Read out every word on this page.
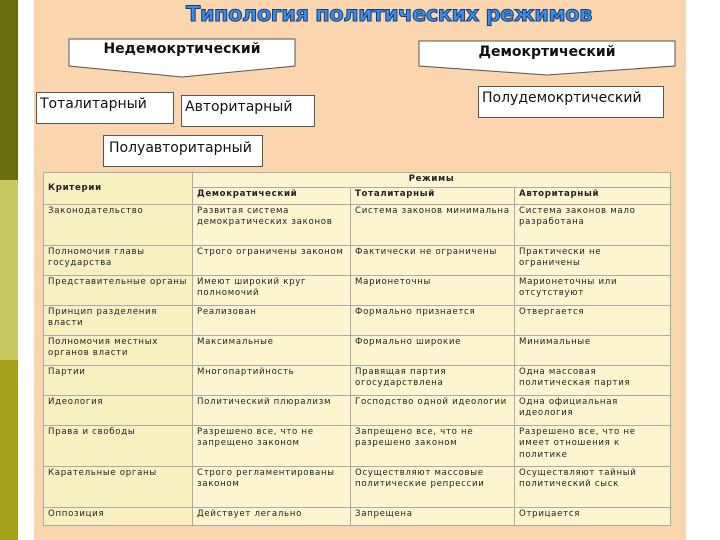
Типология политических режимов
Недемокртический	Демокртический
Тоталитарный	Авторитарный
Полудемокртический
Полуавторитарный
Критерии	Режимы		
	Демократический	Тоталитарный	Авторитарный
Законодательство	Развитая система демократических законов	Система законов минимальна	Система законов мало разработана
Полномочия главы государства	Строго ограничены законом	Фактически не ограничены	Практически не ограничены
Представительные органы	Имеют широкий круг полномочий	Марионеточны	Марионеточны или отсутствуют
Принцип разделения власти	Реализован	Формально признается	Отвергается
Полномочия местных органов власти	Максимальные	Формально широкие	Минимальные
Партии	Многопартийность	Правящая партия огосударствлена	Одна массовая политическая партия
Идеология	Политический плюрализм	Господство одной идеологии	Одна официальная идеология
Права и свободы	Разрешено все, что не запрещено законом	Запрещено все, что не разрешено законом	Разрешено все, что не имеет отношения к политике
Карательные органы	Строго регламентированы законом	Осуществляют массовые политические репрессии	Осуществляют тайный политический сыск
Оппозиция	Действует легально	Запрещена	Отрицается
